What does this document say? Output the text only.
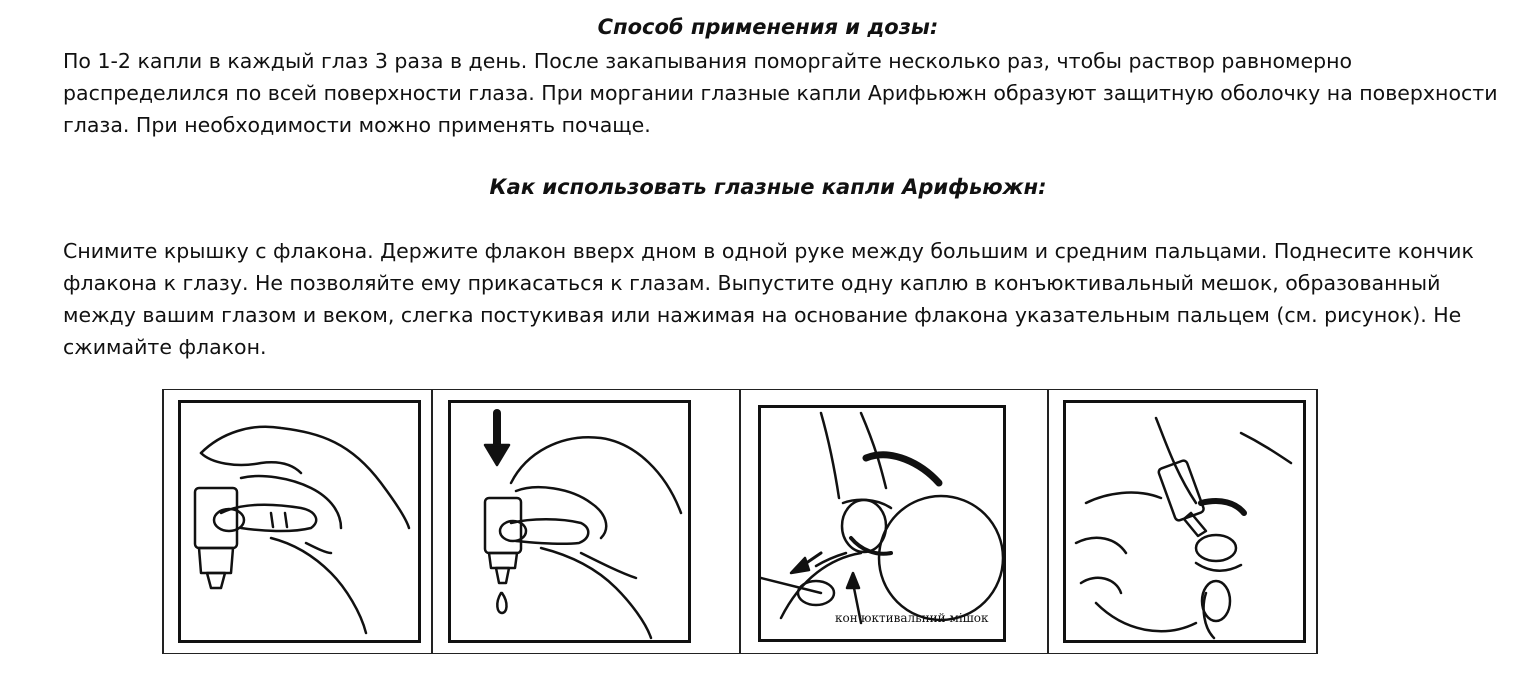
Способ применения и дозы:

По 1-2 капли в каждый глаз 3 раза в день. После закапывания поморгайте несколько раз, чтобы раствор равномерно распределился по всей поверхности глаза. При моргании глазные капли Арифьюжн образуют защитную оболочку на поверхности глаза. При необходимости можно применять почаще.

Как использовать глазные капли Арифьюжн:

Снимите крышку с флакона. Держите флакон вверх дном в одной руке между большим и средним пальцами. Поднесите кончик флакона к глазу. Не позволяйте ему прикасаться к глазам. Выпустите одну каплю в конъюктивальный мешок, образованный между вашим глазом и веком, слегка постукивая или нажимая на основание флакона указательным пальцем (см. рисунок). Не сжимайте флакон.

кон'юктивальний мішок
